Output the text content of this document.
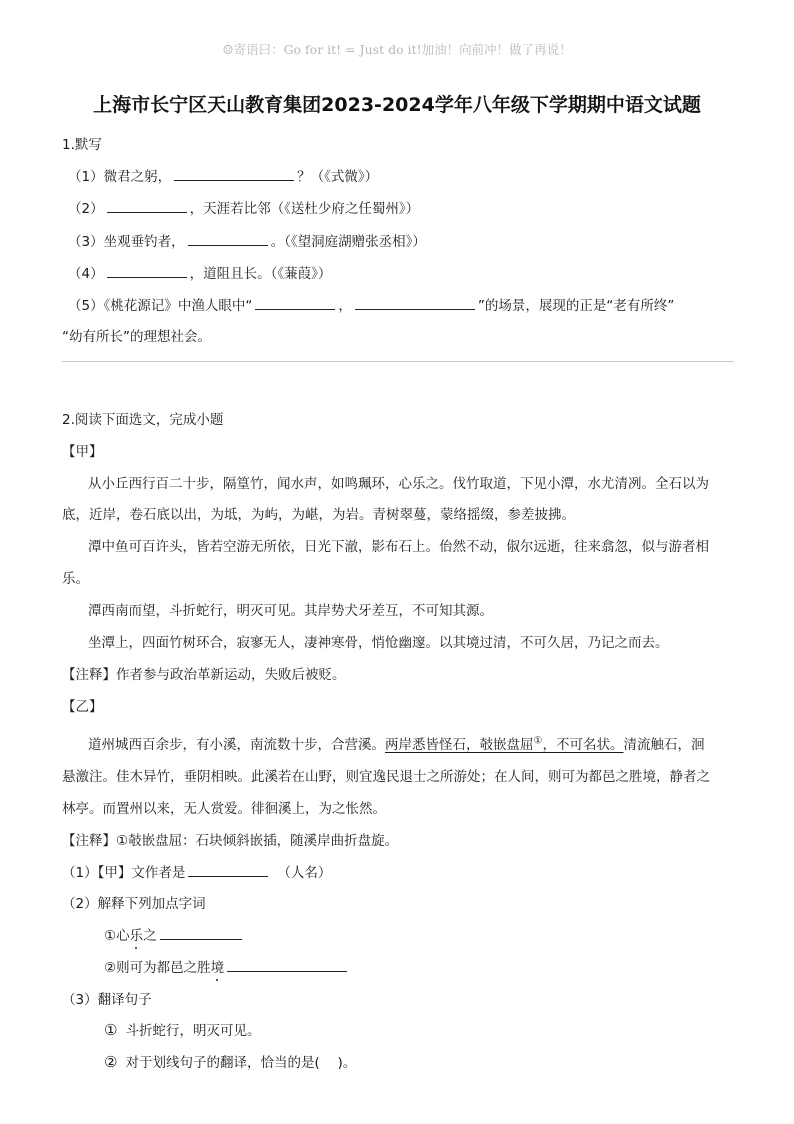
☺寄语曰：Go for it! = Just do it!加油！向前冲！做了再说！
上海市长宁区天山教育集团2023-2024学年八年级下学期期中语文试题
1.默写
（1）微君之躬，	？（《式微》）
（2）	，天涯若比邻（《送杜少府之任蜀州》）
（3）坐观垂钓者，	。（《望洞庭湖赠张丞相》）
（4）	，道阻且长。（《蒹葭》）
（5）《桃花源记》中渔人眼中“	，	”的场景，展现的正是“老有所终”
“幼有所长”的理想社会。
2.阅读下面选文，完成小题
【甲】
从小丘西行百二十步，隔篁竹，闻水声，如鸣珮环，心乐之。伐竹取道，下见小潭，水尤清冽。全石以为
底，近岸，卷石底以出，为坻，为屿，为嵁，为岩。青树翠蔓，蒙络摇缀，参差披拂。
潭中鱼可百许头，皆若空游无所依，日光下澈，影布石上。佁然不动，俶尔远逝，往来翕忽，似与游者相
乐。
潭西南而望，斗折蛇行，明灭可见。其岸势犬牙差互，不可知其源。
坐潭上，四面竹树环合，寂寥无人，凄神寒骨，悄怆幽邃。以其境过清，不可久居，乃记之而去。
【注释】作者参与政治革新运动，失败后被贬。
【乙】
道州城西百余步，有小溪，南流数十步，合营溪。两岸悉皆怪石，攲嵌盘屈①，不可名状。清流触石，洄
悬激注。佳木异竹，垂阴相映。此溪若在山野，则宜逸民退士之所游处；在人间，则可为都邑之胜境，静者之
林亭。而置州以来，无人赏爱。徘徊溪上，为之怅然。
【注释】①攲嵌盘屈：石块倾斜嵌插，随溪岸曲折盘旋。
（1）【甲】文作者是	（人名）
（2）解释下列加点字词
①心乐之
②则可为都邑之胜境
（3）翻译句子
① 斗折蛇行，明灭可见。
② 对于划线句子的翻译，恰当的是(　 )。
